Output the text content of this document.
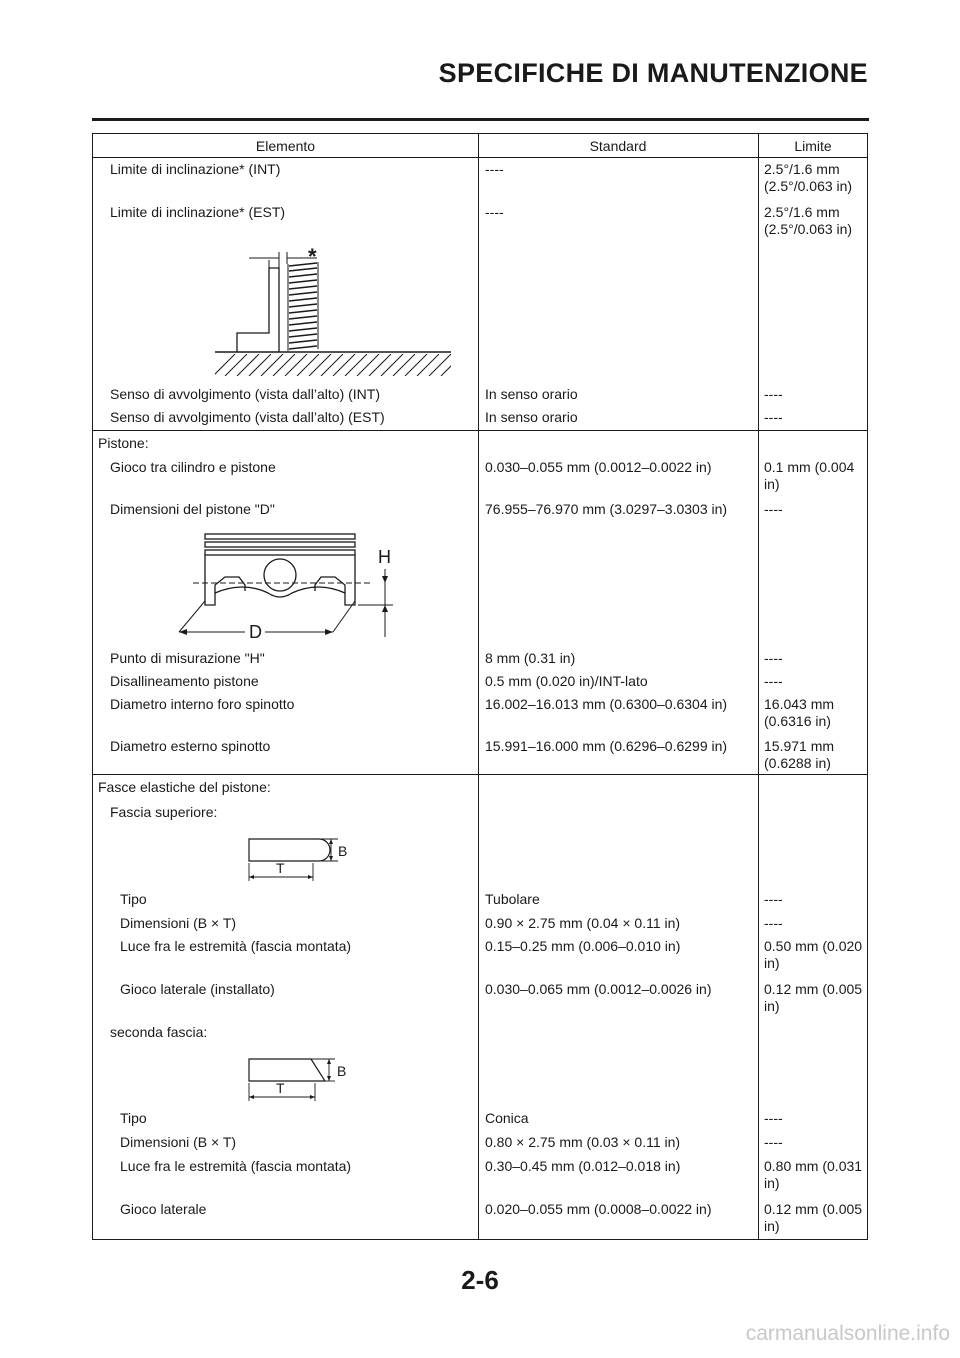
SPECIFICHE DI MANUTENZIONE
Elemento	Standard	Limite
Limite di inclinazione* (INT)	----	2.5°/1.6 mm
(2.5°/0.063 in)
Limite di inclinazione* (EST)	----	2.5°/1.6 mm
(2.5°/0.063 in)
*
Senso di avvolgimento (vista dall’alto) (INT)	In senso orario	----
Senso di avvolgimento (vista dall’alto) (EST)	In senso orario	----
Pistone:
Gioco tra cilindro e pistone	0.030–0.055 mm (0.0012–0.0022 in)	0.1 mm (0.004
in)
Dimensioni del pistone "D"	76.955–76.970 mm (3.0297–3.0303 in)	----
H
D
Punto di misurazione "H"	8 mm (0.31 in)	----
Disallineamento pistone	0.5 mm (0.020 in)/INT-lato	----
Diametro interno foro spinotto	16.002–16.013 mm (0.6300–0.6304 in)	16.043 mm
(0.6316 in)
Diametro esterno spinotto	15.991–16.000 mm (0.6296–0.6299 in)	15.971 mm
(0.6288 in)
Fasce elastiche del pistone:
Fascia superiore:
B
T
Tipo	Tubolare	----
Dimensioni (B × T)	0.90 × 2.75 mm (0.04 × 0.11 in)	----
Luce fra le estremità (fascia montata)	0.15–0.25 mm (0.006–0.010 in)	0.50 mm (0.020
in)
Gioco laterale (installato)	0.030–0.065 mm (0.0012–0.0026 in)	0.12 mm (0.005
in)
seconda fascia:
B
T
Tipo	Conica	----
Dimensioni (B × T)	0.80 × 2.75 mm (0.03 × 0.11 in)	----
Luce fra le estremità (fascia montata)	0.30–0.45 mm (0.012–0.018 in)	0.80 mm (0.031
in)
Gioco laterale	0.020–0.055 mm (0.0008–0.0022 in)	0.12 mm (0.005
in)
2-6
carmanualsonline.info
